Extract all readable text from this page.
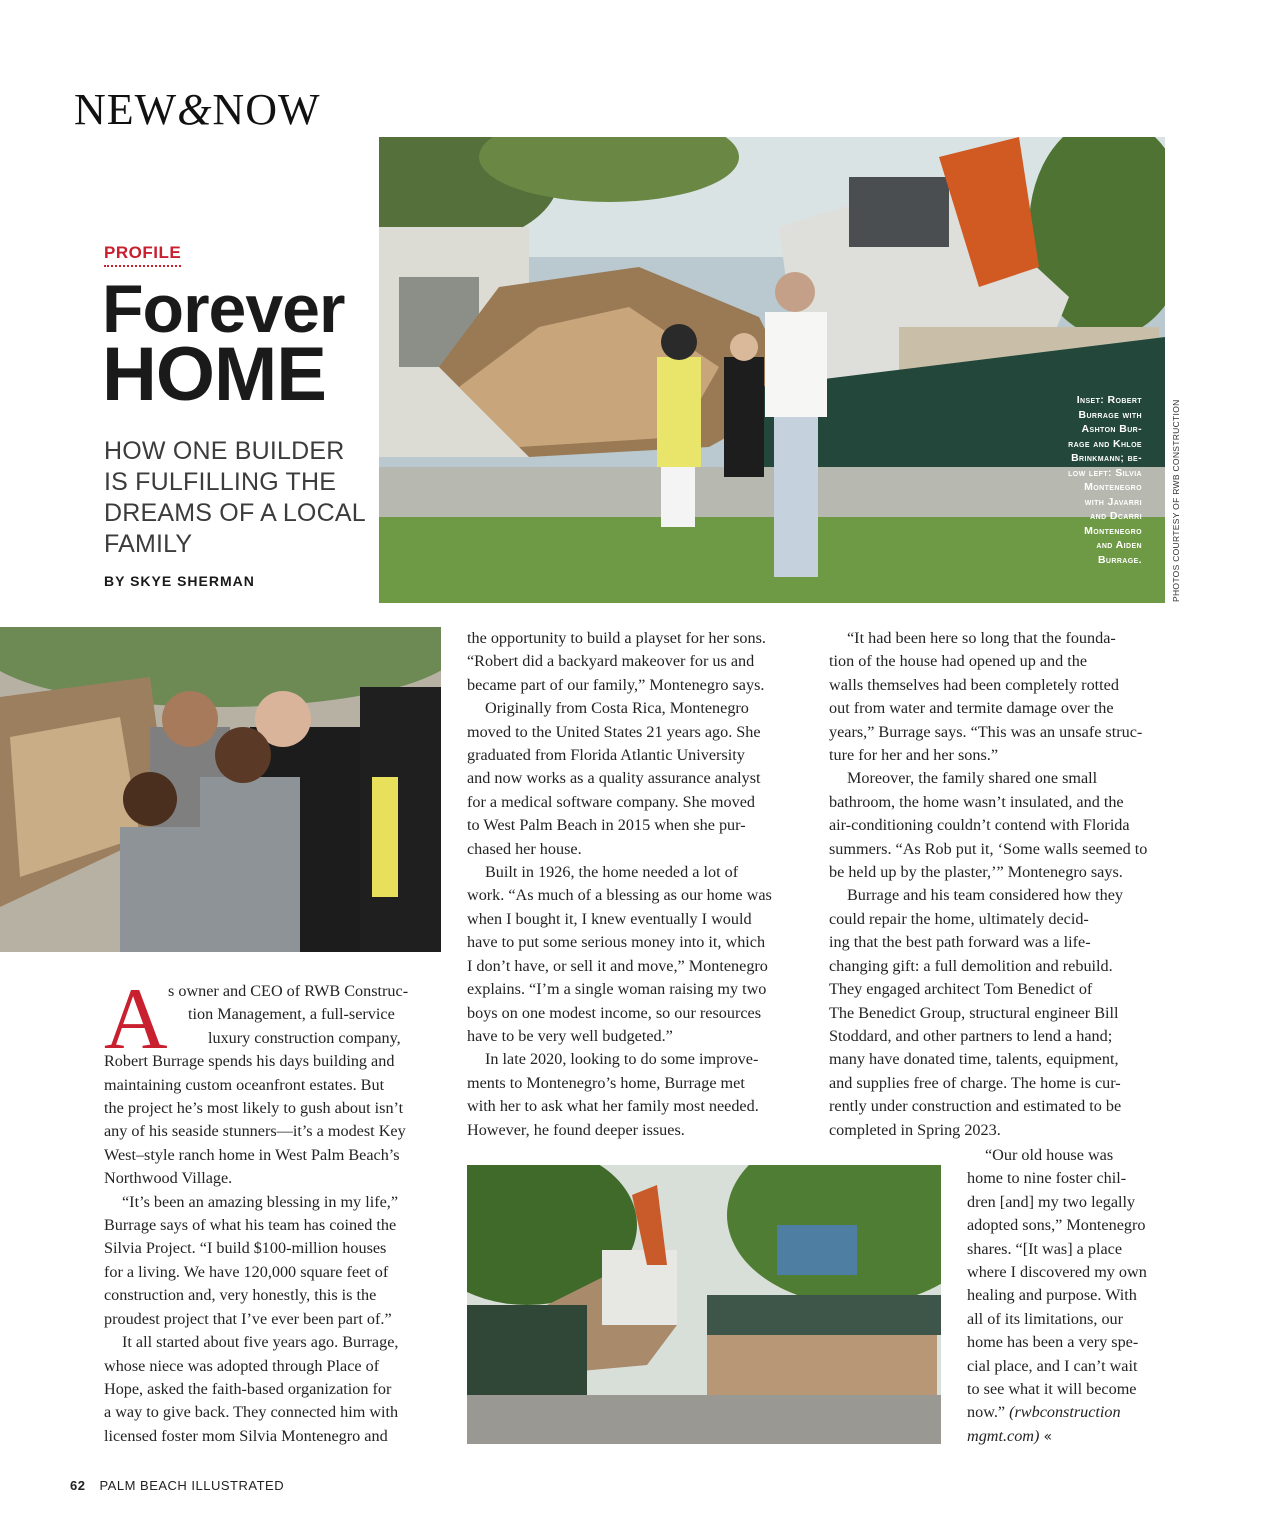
NEW&NOW
PROFILE
Forever
HOME
HOW ONE BUILDER IS FULFILLING THE DREAMS OF A LOCAL FAMILY
BY SKYE SHERMAN
Inset: Robert
Burrage with
Ashton Bur-
rage and Khloe
Brinkmann; be-
low left: Silvia
Montenegro
with Javarri
and Dcarri
Montenegro
and Aiden
Burrage.	PHOTOS COURTESY OF RWB CONSTRUCTION
A s owner and CEO of RWB Construc-
tion Management, a full-service
luxury construction company,
Robert Burrage spends his days building and
maintaining custom oceanfront estates. But
the project he’s most likely to gush about isn’t
any of his seaside stunners—it’s a modest Key
West–style ranch home in West Palm Beach’s
Northwood Village.

“It’s been an amazing blessing in my life,”
Burrage says of what his team has coined the
Silvia Project. “I build $100-million houses
for a living. We have 120,000 square feet of
construction and, very honestly, this is the
proudest project that I’ve ever been part of.”

It all started about five years ago. Burrage,
whose niece was adopted through Place of
Hope, asked the faith-based organization for
a way to give back. They connected him with
licensed foster mom Silvia Montenegro and

the opportunity to build a playset for her sons.
“Robert did a backyard makeover for us and
became part of our family,” Montenegro says.

Originally from Costa Rica, Montenegro
moved to the United States 21 years ago. She
graduated from Florida Atlantic University
and now works as a quality assurance analyst
for a medical software company. She moved
to West Palm Beach in 2015 when she pur-
chased her house.

Built in 1926, the home needed a lot of
work. “As much of a blessing as our home was
when I bought it, I knew eventually I would
have to put some serious money into it, which
I don’t have, or sell it and move,” Montenegro
explains. “I’m a single woman raising my two
boys on one modest income, so our resources
have to be very well budgeted.”

In late 2020, looking to do some improve-
ments to Montenegro’s home, Burrage met
with her to ask what her family most needed.
However, he found deeper issues.

“It had been here so long that the founda-
tion of the house had opened up and the
walls themselves had been completely rotted
out from water and termite damage over the
years,” Burrage says. “This was an unsafe struc-
ture for her and her sons.”

Moreover, the family shared one small
bathroom, the home wasn’t insulated, and the
air-conditioning couldn’t contend with Florida
summers. “As Rob put it, ‘Some walls seemed to
be held up by the plaster,’” Montenegro says.

Burrage and his team considered how they
could repair the home, ultimately decid-
ing that the best path forward was a life-
changing gift: a full demolition and rebuild.
They engaged architect Tom Benedict of
The Benedict Group, structural engineer Bill
Stoddard, and other partners to lend a hand;
many have donated time, talents, equipment,
and supplies free of charge. The home is cur-
rently under construction and estimated to be
completed in Spring 2023.

“Our old house was
home to nine foster chil-
dren [and] my two legally
adopted sons,” Montenegro
shares. “[It was] a place
where I discovered my own
healing and purpose. With
all of its limitations, our
home has been a very spe-
cial place, and I can’t wait
to see what it will become
now.” (rwbconstruction
mgmt.com) «

62 PALM BEACH ILLUSTRATED
